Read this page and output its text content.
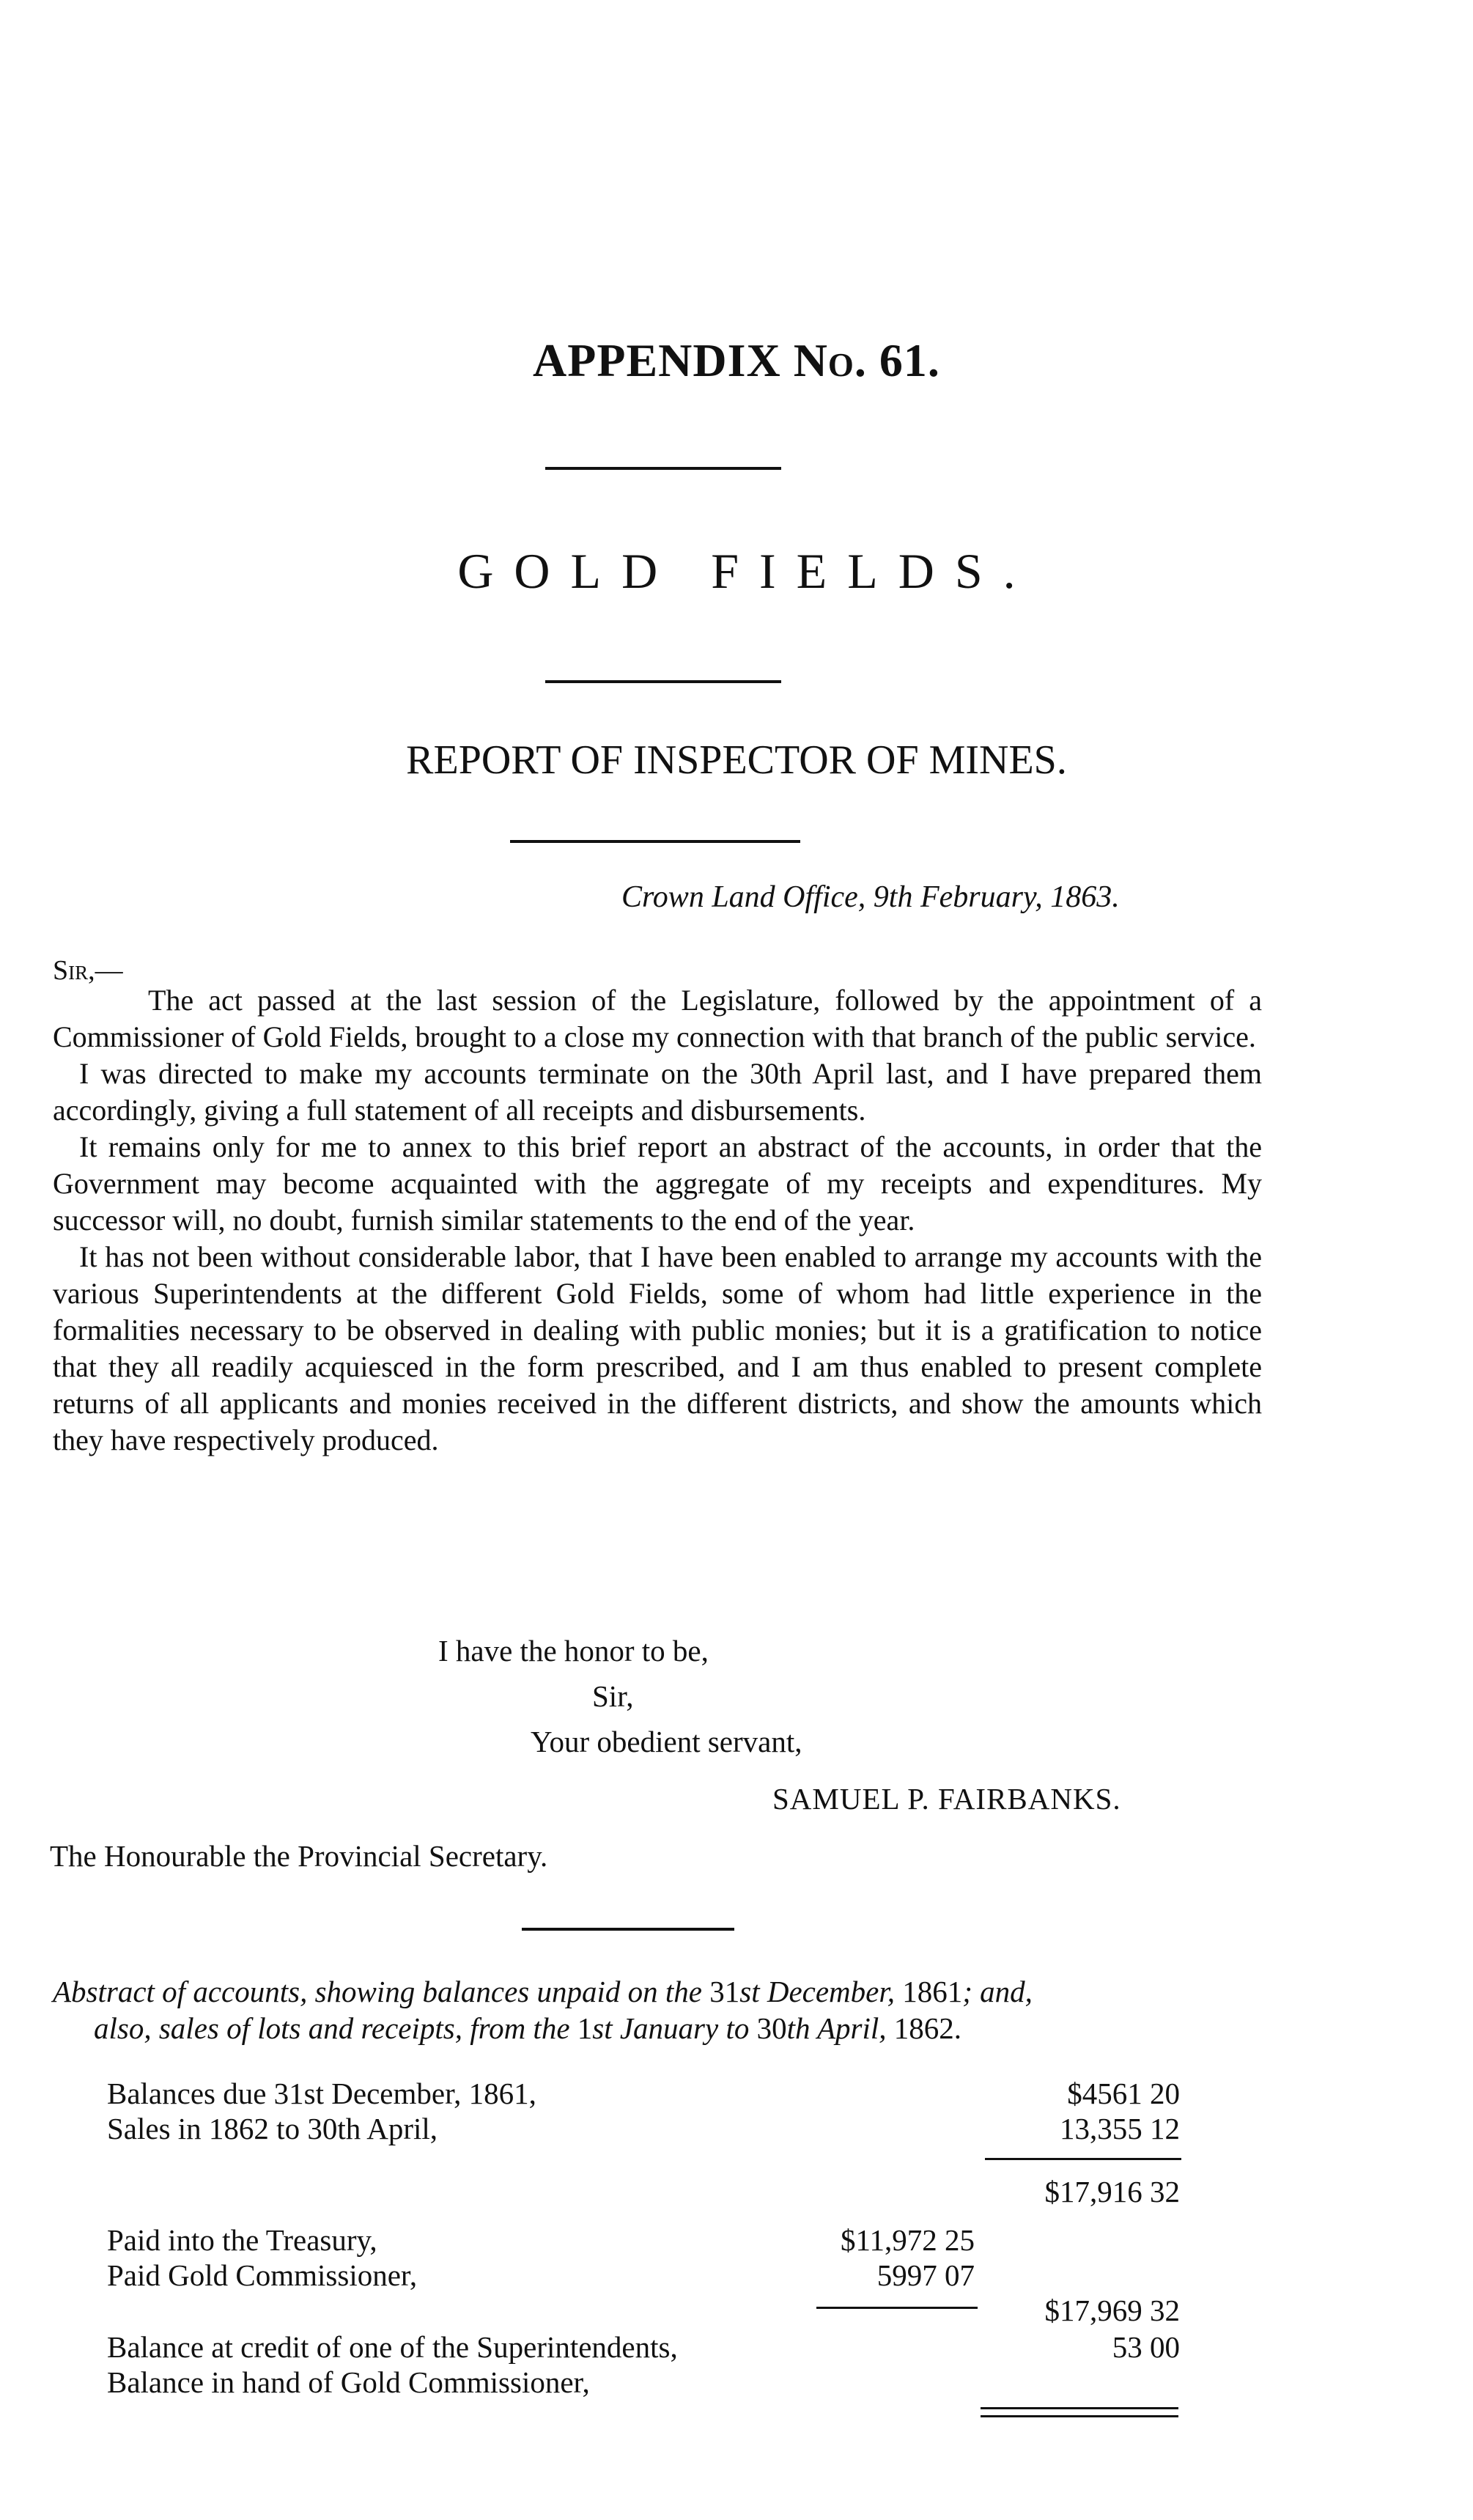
APPENDIX No. 61.
GOLD FIELDS.
REPORT OF INSPECTOR OF MINES.
Crown Land Office, 9th February, 1863.
Sir,—

The act passed at the last session of the Legislature, followed by the appointment of a Commissioner of Gold Fields, brought to a close my connection with that branch of the public service.

I was directed to make my accounts terminate on the 30th April last, and I have prepared them accordingly, giving a full statement of all receipts and disbursements.

It remains only for me to annex to this brief report an abstract of the accounts, in order that the Government may become acquainted with the aggregate of my receipts and expenditures. My successor will, no doubt, furnish similar statements to the end of the year.

It has not been without considerable labor, that I have been enabled to arrange my accounts with the various Superintendents at the different Gold Fields, some of whom had little experience in the formalities necessary to be observed in dealing with public monies; but it is a gratification to notice that they all readily acquiesced in the form prescribed, and I am thus enabled to present complete returns of all applicants and monies received in the different districts, and show the amounts which they have respectively produced.

I have the honor to be,
Sir,
Your obedient servant,
SAMUEL P. FAIRBANKS.
The Honourable the Provincial Secretary.
Abstract of accounts, showing balances unpaid on the 31st December, 1861; and,
also, sales of lots and receipts, from the 1st January to 30th April, 1862.
Balances due 31st December, 1861,	$4561 20
Sales in 1862 to 30th April,	13,355 12
$17,916 32
Paid into the Treasury,	$11,972 25
Paid Gold Commissioner,	5997 07
$17,969 32
Balance at credit of one of the Superintendents,	53 00
Balance in hand of Gold Commissioner,
